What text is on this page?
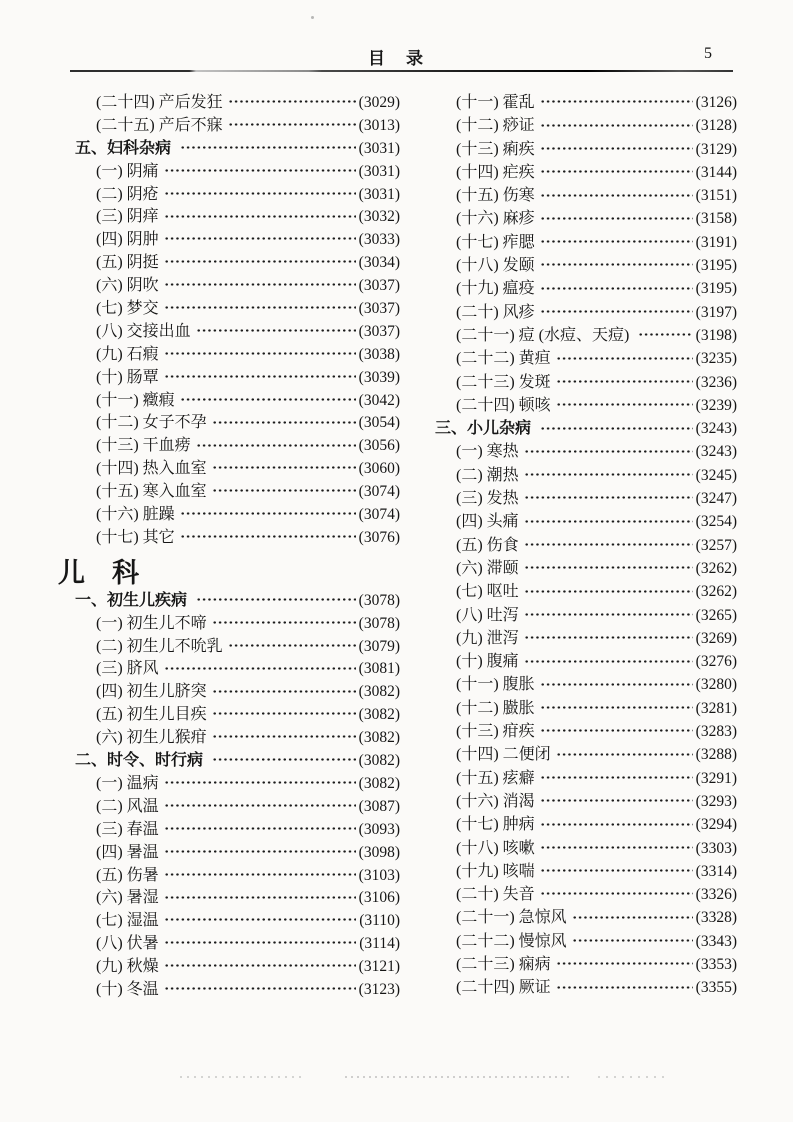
目　录	5
(二十四) 产后发狂	(3029)
(二十五) 产后不寐	(3013)
五、妇科杂病	(3031)
(一) 阴痛	(3031)
(二) 阴疮	(3031)
(三) 阴痒	(3032)
(四) 阴肿	(3033)
(五) 阴挺	(3034)
(六) 阴吹	(3037)
(七) 梦交	(3037)
(八) 交接出血	(3037)
(九) 石瘕	(3038)
(十) 肠覃	(3039)
(十一) 癥瘕	(3042)
(十二) 女子不孕	(3054)
(十三) 干血痨	(3056)
(十四) 热入血室	(3060)
(十五) 寒入血室	(3074)
(十六) 脏躁	(3074)
(十七) 其它	(3076)
儿　科
一、初生儿疾病	(3078)
(一) 初生儿不啼	(3078)
(二) 初生儿不吮乳	(3079)
(三) 脐风	(3081)
(四) 初生儿脐突	(3082)
(五) 初生儿目疾	(3082)
(六) 初生儿猴疳	(3082)
二、时令、时行病	(3082)
(一) 温病	(3082)
(二) 风温	(3087)
(三) 春温	(3093)
(四) 暑温	(3098)
(五) 伤暑	(3103)
(六) 暑湿	(3106)
(七) 湿温	(3110)
(八) 伏暑	(3114)
(九) 秋燥	(3121)
(十) 冬温	(3123)
(十一) 霍乱	(3126)
(十二) 痧证	(3128)
(十三) 痢疾	(3129)
(十四) 疟疾	(3144)
(十五) 伤寒	(3151)
(十六) 麻疹	(3158)
(十七) 痄腮	(3191)
(十八) 发颐	(3195)
(十九) 瘟疫	(3195)
(二十) 风疹	(3197)
(二十一) 痘 (水痘、天痘)	(3198)
(二十二) 黄疸	(3235)
(二十三) 发斑	(3236)
(二十四) 顿咳	(3239)
三、小儿杂病	(3243)
(一) 寒热	(3243)
(二) 潮热	(3245)
(三) 发热	(3247)
(四) 头痛	(3254)
(五) 伤食	(3257)
(六) 滞颐	(3262)
(七) 呕吐	(3262)
(八) 吐泻	(3265)
(九) 泄泻	(3269)
(十) 腹痛	(3276)
(十一) 腹胀	(3280)
(十二) 臌胀	(3281)
(十三) 疳疾	(3283)
(十四) 二便闭	(3288)
(十五) 痃癖	(3291)
(十六) 消渴	(3293)
(十七) 肿病	(3294)
(十八) 咳嗽	(3303)
(十九) 咳喘	(3314)
(二十) 失音	(3326)
(二十一) 急惊风	(3328)
(二十二) 慢惊风	(3343)
(二十三) 痫病	(3353)
(二十四) 厥证	(3355)
